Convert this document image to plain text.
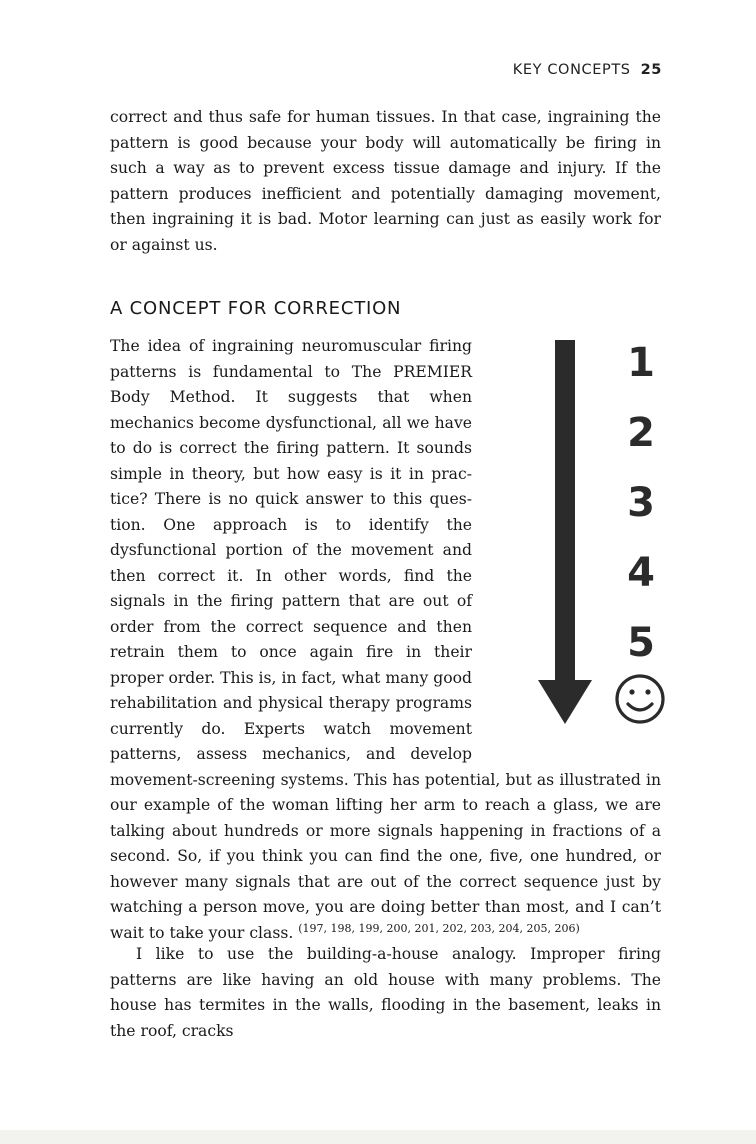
KEY CONCEPTS 25

correct and thus safe for human tissues. In that case, ingraining the pattern is good because your body will automatically be firing in such a way as to prevent excess tissue damage and injury. If the pattern produces inefficient and potentially damaging movement, then ingraining it is bad. Motor learning can just as easily work for or against us.

A CONCEPT FOR CORRECTION
1
2
3
4
5
The idea of ingraining neuromuscular firing patterns is fundamental to The PREMIER Body Method. It suggests that when mechanics become dysfunctional, all we have to do is correct the firing pattern. It sounds simple in theory, but how easy is it in practice? There is no quick answer to this question. One approach is to identify the dysfunctional portion of the movement and then correct it. In other words, find the signals in the firing pattern that are out of order from the correct sequence and then retrain them to once again fire in their proper order. This is, in fact, what many good rehabilitation and physical therapy programs currently do. Experts watch movement patterns, assess mechanics, and develop movement-screening systems. This has potential, but as illustrated in our example of the woman lifting her arm to reach a glass, we are talking about hundreds or more signals happening in fractions of a second. So, if you think you can find the one, five, one hundred, or however many signals that are out of the correct sequence just by watching a person move, you are doing better than most, and I can’t wait to take your class. $^{(197, 198, 199, 200, 201, 202, 203, 204, 205, 206)}$

I like to use the building-a-house analogy. Improper firing patterns are like having an old house with many problems. The house has termites in the walls, flooding in the basement, leaks in the roof, cracks
